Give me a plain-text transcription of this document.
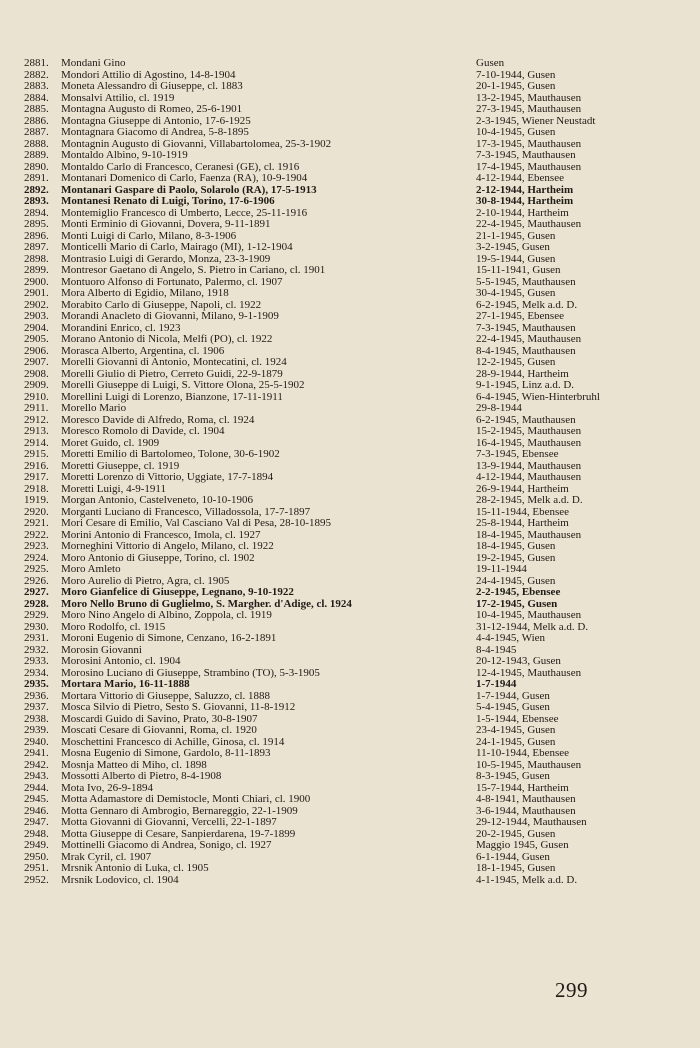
2881.	Mondani Gino	Gusen
2882.	Mondori Attilio di Agostino, 14-8-1904	7-10-1944, Gusen
2883.	Moneta Alessandro di Giuseppe, cl. 1883	20-1-1945, Gusen
2884.	Monsalvi Attilio, cl. 1919	13-2-1945, Mauthausen
2885.	Montagna Augusto di Romeo, 25-6-1901	27-3-1945, Mauthausen
2886.	Montagna Giuseppe di Antonio, 17-6-1925	2-3-1945, Wiener Neustadt
2887.	Montagnara Giacomo di Andrea, 5-8-1895	10-4-1945, Gusen
2888.	Montagnin Augusto di Giovanni, Villabartolomea, 25-3-1902	17-3-1945, Mauthausen
2889.	Montaldo Albino, 9-10-1919	7-3-1945, Mauthausen
2890.	Montaldo Carlo di Francesco, Ceranesi (GE), cl. 1916	17-4-1945, Mauthausen
2891.	Montanari Domenico di Carlo, Faenza (RA), 10-9-1904	4-12-1944, Ebensee
2892.	Montanari Gaspare di Paolo, Solarolo (RA), 17-5-1913	2-12-1944, Hartheim
2893.	Montanesi Renato di Luigi, Torino, 17-6-1906	30-8-1944, Hartheim
2894.	Montemiglio Francesco di Umberto, Lecce, 25-11-1916	2-10-1944, Hartheim
2895.	Monti Erminio di Giovanni, Dovera, 9-11-1891	22-4-1945, Mauthausen
2896.	Monti Luigi di Carlo, Milano, 8-3-1906	21-1-1945, Gusen
2897.	Monticelli Mario di Carlo, Mairago (MI), 1-12-1904	3-2-1945, Gusen
2898.	Montrasio Luigi di Gerardo, Monza, 23-3-1909	19-5-1944, Gusen
2899.	Montresor Gaetano di Angelo, S. Pietro in Cariano, cl. 1901	15-11-1941, Gusen
2900.	Montuoro Alfonso di Fortunato, Palermo, cl. 1907	5-5-1945, Mauthausen
2901.	Mora Alberto di Egidio, Milano, 1918	30-4-1945, Gusen
2902.	Morabito Carlo di Giuseppe, Napoli, cl. 1922	6-2-1945, Melk a.d. D.
2903.	Morandi Anacleto di Giovanni, Milano, 9-1-1909	27-1-1945, Ebensee
2904.	Morandini Enrico, cl. 1923	7-3-1945, Mauthausen
2905.	Morano Antonio di Nicola, Melfi (PO), cl. 1922	22-4-1945, Mauthausen
2906.	Morasca Alberto, Argentina, cl. 1906	8-4-1945, Mauthausen
2907.	Morelli Giovanni di Antonio, Montecatini, cl. 1924	12-2-1945, Gusen
2908.	Morelli Giulio di Pietro, Cerreto Guidi, 22-9-1879	28-9-1944, Hartheim
2909.	Morelli Giuseppe di Luigi, S. Vittore Olona, 25-5-1902	9-1-1945, Linz a.d. D.
2910.	Morellini Luigi di Lorenzo, Bianzone, 17-11-1911	6-4-1945, Wien-Hinterbruhl
2911.	Morello Mario	29-8-1944
2912.	Moresco Davide di Alfredo, Roma, cl. 1924	6-2-1945, Mauthausen
2913.	Moresco Romolo di Davide, cl. 1904	15-2-1945, Mauthausen
2914.	Moret Guido, cl. 1909	16-4-1945, Mauthausen
2915.	Moretti Emilio di Bartolomeo, Tolone, 30-6-1902	7-3-1945, Ebensee
2916.	Moretti Giuseppe, cl. 1919	13-9-1944, Mauthausen
2917.	Moretti Lorenzo di Vittorio, Uggiate, 17-7-1894	4-12-1944, Mauthausen
2918.	Moretti Luigi, 4-9-1911	26-9-1944, Hartheim
1919.	Morgan Antonio, Castelveneto, 10-10-1906	28-2-1945, Melk a.d. D.
2920.	Morganti Luciano di Francesco, Villadossola, 17-7-1897	15-11-1944, Ebensee
2921.	Mori Cesare di Emilio, Val Casciano Val di Pesa, 28-10-1895	25-8-1944, Hartheim
2922.	Morini Antonio di Francesco, Imola, cl. 1927	18-4-1945, Mauthausen
2923.	Morneghini Vittorio di Angelo, Milano, cl. 1922	18-4-1945, Gusen
2924.	Moro Antonio di Giuseppe, Torino, cl. 1902	19-2-1945, Gusen
2925.	Moro Amleto	19-11-1944
2926.	Moro Aurelio di Pietro, Agra, cl. 1905	24-4-1945, Gusen
2927.	Moro Gianfelice di Giuseppe, Legnano, 9-10-1922	2-2-1945, Ebensee
2928.	Moro Nello Bruno di Guglielmo, S. Margher. d'Adige, cl. 1924	17-2-1945, Gusen
2929.	Moro Nino Angelo di Albino, Zoppola, cl. 1919	10-4-1945, Mauthausen
2930.	Moro Rodolfo, cl. 1915	31-12-1944, Melk a.d. D.
2931.	Moroni Eugenio di Simone, Cenzano, 16-2-1891	4-4-1945, Wien
2932.	Morosin Giovanni	8-4-1945
2933.	Morosini Antonio, cl. 1904	20-12-1943, Gusen
2934.	Morosino Luciano di Giuseppe, Strambino (TO), 5-3-1905	12-4-1945, Mauthausen
2935.	Mortara Mario, 16-11-1888	1-7-1944
2936.	Mortara Vittorio di Giuseppe, Saluzzo, cl. 1888	1-7-1944, Gusen
2937.	Mosca Silvio di Pietro, Sesto S. Giovanni, 11-8-1912	5-4-1945, Gusen
2938.	Moscardi Guido di Savino, Prato, 30-8-1907	1-5-1944, Ebensee
2939.	Moscati Cesare di Giovanni, Roma, cl. 1920	23-4-1945, Gusen
2940.	Moschettini Francesco di Achille, Ginosa, cl. 1914	24-1-1945, Gusen
2941.	Mosna Eugenio di Simone, Gardolo, 8-11-1893	11-10-1944, Ebensee
2942.	Mosnja Matteo di Miho, cl. 1898	10-5-1945, Mauthausen
2943.	Mossotti Alberto di Pietro, 8-4-1908	8-3-1945, Gusen
2944.	Mota Ivo, 26-9-1894	15-7-1944, Hartheim
2945.	Motta Adamastore di Demistocle, Monti Chiari, cl. 1900	4-8-1941, Mauthausen
2946.	Motta Gennaro di Ambrogio, Bernareggio, 22-1-1909	3-6-1944, Mauthausen
2947.	Motta Giovanni di Giovanni, Vercelli, 22-1-1897	29-12-1944, Mauthausen
2948.	Motta Giuseppe di Cesare, Sanpierdarena, 19-7-1899	20-2-1945, Gusen
2949.	Mottinelli Giacomo di Andrea, Sonigo, cl. 1927	Maggio 1945, Gusen
2950.	Mrak Cyril, cl. 1907	6-1-1944, Gusen
2951.	Mrsnik Antonio di Luka, cl. 1905	18-1-1945, Gusen
2952.	Mrsnik Lodovico, cl. 1904	4-1-1945, Melk a.d. D.
299
